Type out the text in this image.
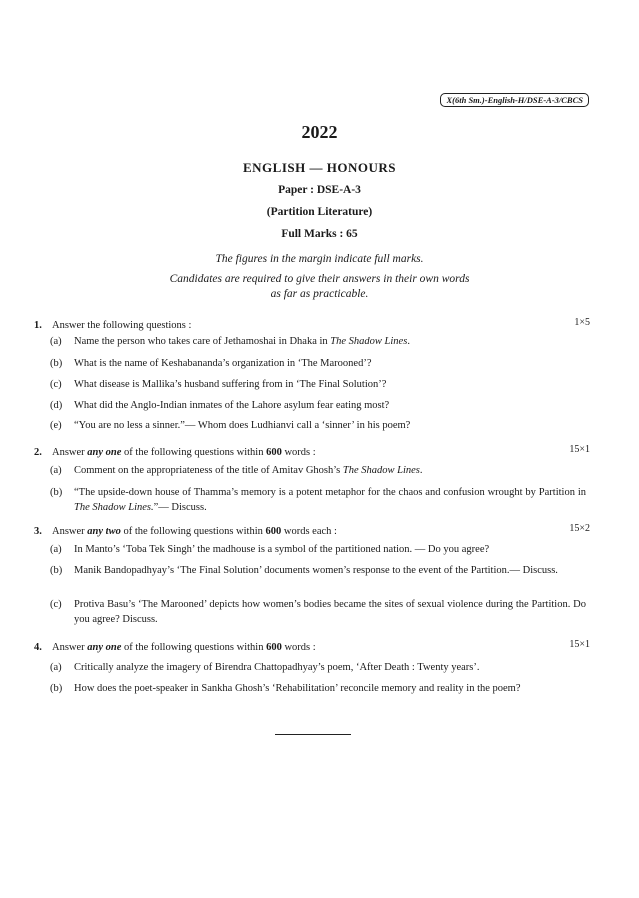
X(6th Sm.)-English-H/DSE-A-3/CBCS
2022
ENGLISH — HONOURS
Paper : DSE-A-3
(Partition Literature)
Full Marks : 65
The figures in the margin indicate full marks.
Candidates are required to give their answers in their own words
as far as practicable.
1. Answer the following questions :	1×5
(a)	Name the person who takes care of Jethamoshai in Dhaka in The Shadow Lines.
(b)	What is the name of Keshabananda’s organization in ‘The Marooned’?
(c)	What disease is Mallika’s husband suffering from in ‘The Final Solution’?
(d)	What did the Anglo-Indian inmates of the Lahore asylum fear eating most?
(e)	“You are no less a sinner.”— Whom does Ludhianvi call a ‘sinner’ in his poem?
2. Answer any one of the following questions within 600 words :	15×1
(a)	Comment on the appropriateness of the title of Amitav Ghosh’s The Shadow Lines.
(b)	“The upside-down house of Thamma’s memory is a potent metaphor for the chaos and confusion wrought by Partition in The Shadow Lines.”— Discuss.
3. Answer any two of the following questions within 600 words each :	15×2
(a)	In Manto’s ‘Toba Tek Singh’ the madhouse is a symbol of the partitioned nation. — Do you agree?
(b)	Manik Bandopadhyay’s ‘The Final Solution’ documents women’s response to the event of the Partition.— Discuss.
(c)	Protiva Basu’s ‘The Marooned’ depicts how women’s bodies became the sites of sexual violence during the Partition. Do you agree? Discuss.
4. Answer any one of the following questions within 600 words :	15×1
(a)	Critically analyze the imagery of Birendra Chattopadhyay’s poem, ‘After Death : Twenty years’.
(b)	How does the poet-speaker in Sankha Ghosh’s ‘Rehabilitation’ reconcile memory and reality in the poem?
